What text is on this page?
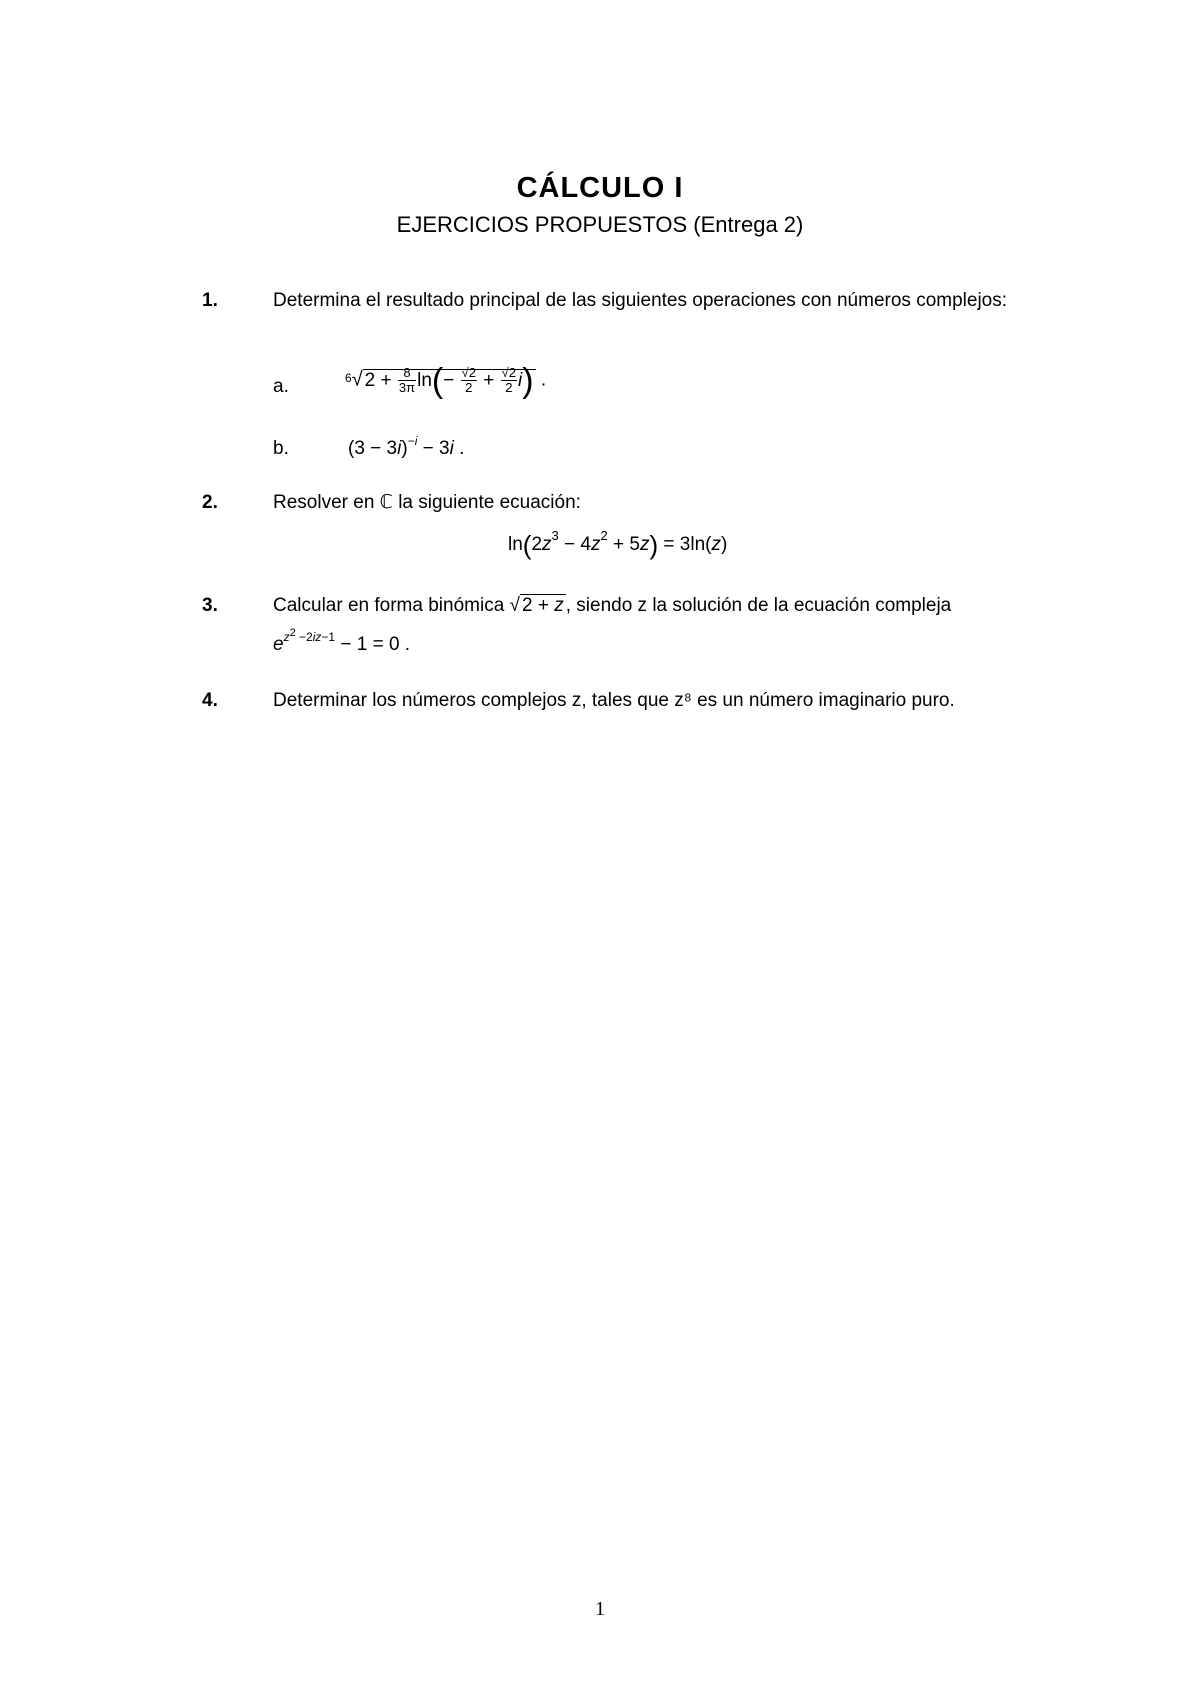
CÁLCULO I
EJERCICIOS PROPUESTOS (Entrega 2)
1.	Determina el resultado principal de las siguientes operaciones con números complejos:
a.	$^6$√ $2 + \frac{8}{3\pi} \ln(- \frac{√2}{2} + \frac{√2}{2} i)$ .
b.	$(3 - 3i)^{-i} - 3i$ .
2.	Resolver en ℂ la siguiente ecuación:
$\ln(2z^3 - 4z^2 + 5z) = 3\ln(z)$
3.	Calcular en forma binómica √ 2 + z , siendo z la solución de la ecuación compleja
$e^{z2 -2iz-1} - 1 = 0$ .
4.	Determinar los números complejos z, tales que z⁸ es un número imaginario puro.
1
